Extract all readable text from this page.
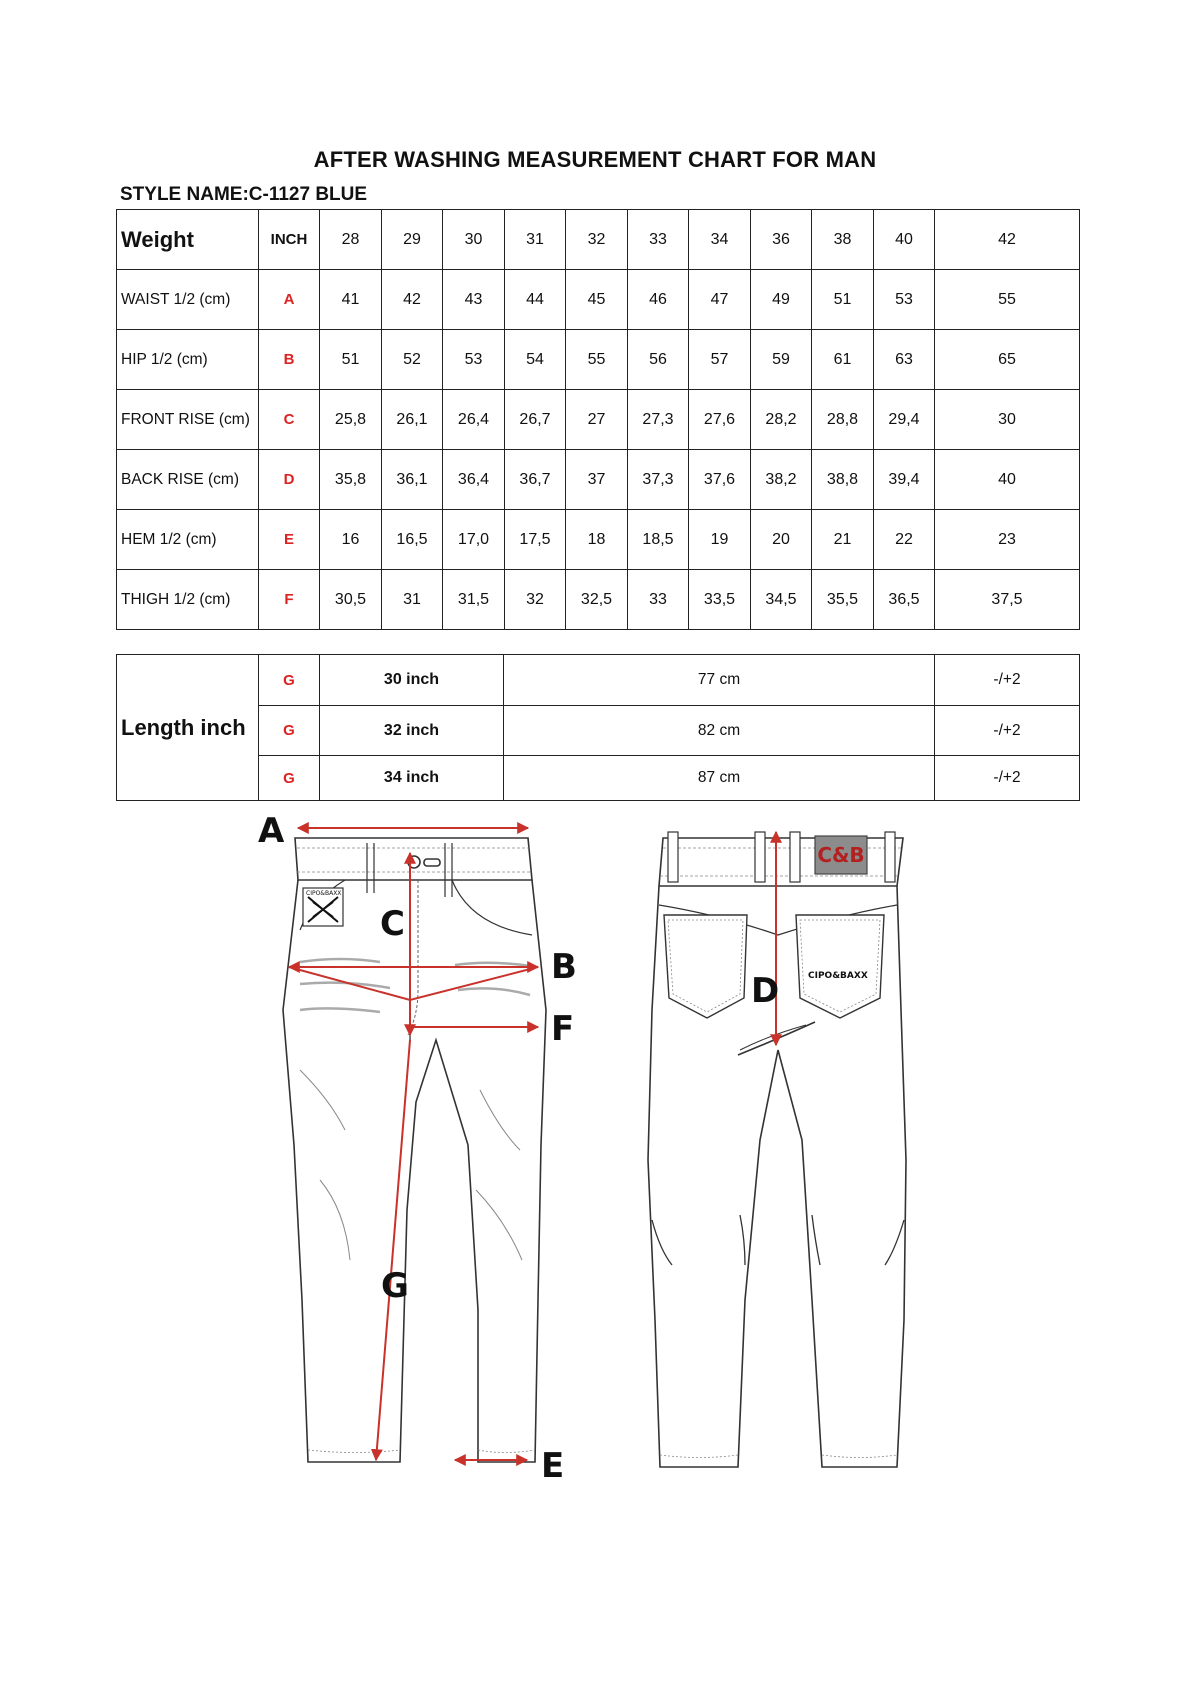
AFTER WASHING MEASUREMENT CHART FOR MAN
STYLE NAME:C-1127 BLUE
Weight	INCH	28	29	30	31	32	33	34	36	38	40	42
WAIST 1/2 (cm)	A	41	42	43	44	45	46	47	49	51	53	55
HIP 1/2 (cm)	B	51	52	53	54	55	56	57	59	61	63	65
FRONT RISE (cm)	C	25,8	26,1	26,4	26,7	27	27,3	27,6	28,2	28,8	29,4	30
BACK RISE (cm)	D	35,8	36,1	36,4	36,7	37	37,3	37,6	38,2	38,8	39,4	40
HEM 1/2 (cm)	E	16	16,5	17,0	17,5	18	18,5	19	20	21	22	23
THIGH 1/2 (cm)	F	30,5	31	31,5	32	32,5	33	33,5	34,5	35,5	36,5	37,5
Length inch	G	30 inch	77 cm	-/+2
	G	32 inch	82 cm	-/+2
	G	34 inch	87 cm	-/+2
CIPO&BAXX
A
C
B
F
G
E
CIPO&BAXX
C&B
D
